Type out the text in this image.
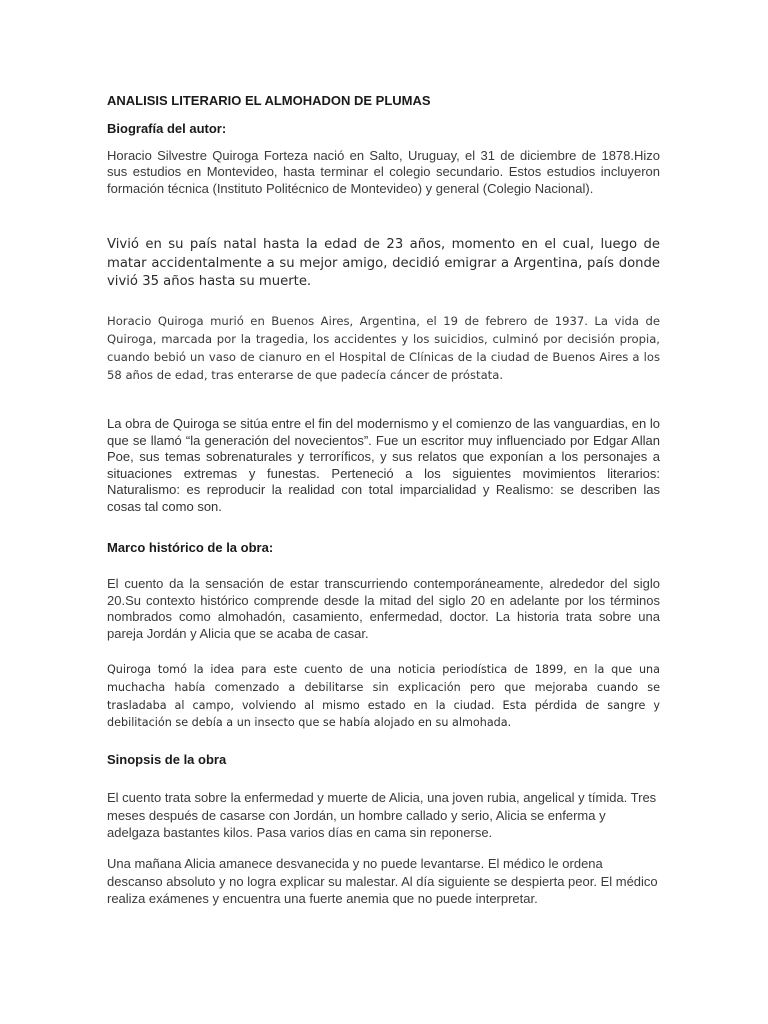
ANALISIS LITERARIO EL ALMOHADON DE PLUMAS
Biografía del autor:

Horacio Silvestre Quiroga Forteza nació en Salto, Uruguay, el 31 de diciembre de 1878.Hizo sus estudios en Montevideo, hasta terminar el colegio secundario. Estos estudios incluyeron formación técnica (Instituto Politécnico de Montevideo) y general (Colegio Nacional).

Vivió en su país natal hasta la edad de 23 años, momento en el cual, luego de matar accidentalmente a su mejor amigo, decidió emigrar a Argentina, país donde vivió 35 años hasta su muerte.

Horacio Quiroga murió en Buenos Aires, Argentina, el 19 de febrero de 1937. La vida de Quiroga, marcada por la tragedia, los accidentes y los suicidios, culminó por decisión propia, cuando bebió un vaso de cianuro en el Hospital de Clínicas de la ciudad de Buenos Aires a los 58 años de edad, tras enterarse de que padecía cáncer de próstata.

La obra de Quiroga se sitúa entre el fin del modernismo y el comienzo de las vanguardias, en lo que se llamó “la generación del novecientos”. Fue un escritor muy influenciado por Edgar Allan Poe, sus temas sobrenaturales y terroríficos, y sus relatos que exponían a los personajes a situaciones extremas y funestas. Perteneció a los siguientes movimientos literarios: Naturalismo: es reproducir la realidad con total imparcialidad y Realismo: se describen las cosas tal como son.

Marco histórico de la obra:

El cuento da la sensación de estar transcurriendo contemporáneamente, alrededor del siglo 20.Su contexto histórico comprende desde la mitad del siglo 20 en adelante por los términos nombrados como almohadón, casamiento, enfermedad, doctor. La historia trata sobre una pareja Jordán y Alicia que se acaba de casar.

Quiroga tomó la idea para este cuento de una noticia periodística de 1899, en la que una muchacha había comenzado a debilitarse sin explicación pero que mejoraba cuando se trasladaba al campo, volviendo al mismo estado en la ciudad. Esta pérdida de sangre y debilitación se debía a un insecto que se había alojado en su almohada.

Sinopsis de la obra

El cuento trata sobre la enfermedad y muerte de Alicia, una joven rubia, angelical y tímida. Tres meses después de casarse con Jordán, un hombre callado y serio, Alicia se enferma y adelgaza bastantes kilos. Pasa varios días en cama sin reponerse.

Una mañana Alicia amanece desvanecida y no puede levantarse. El médico le ordena descanso absoluto y no logra explicar su malestar. Al día siguiente se despierta peor. El médico realiza exámenes y encuentra una fuerte anemia que no puede interpretar.
